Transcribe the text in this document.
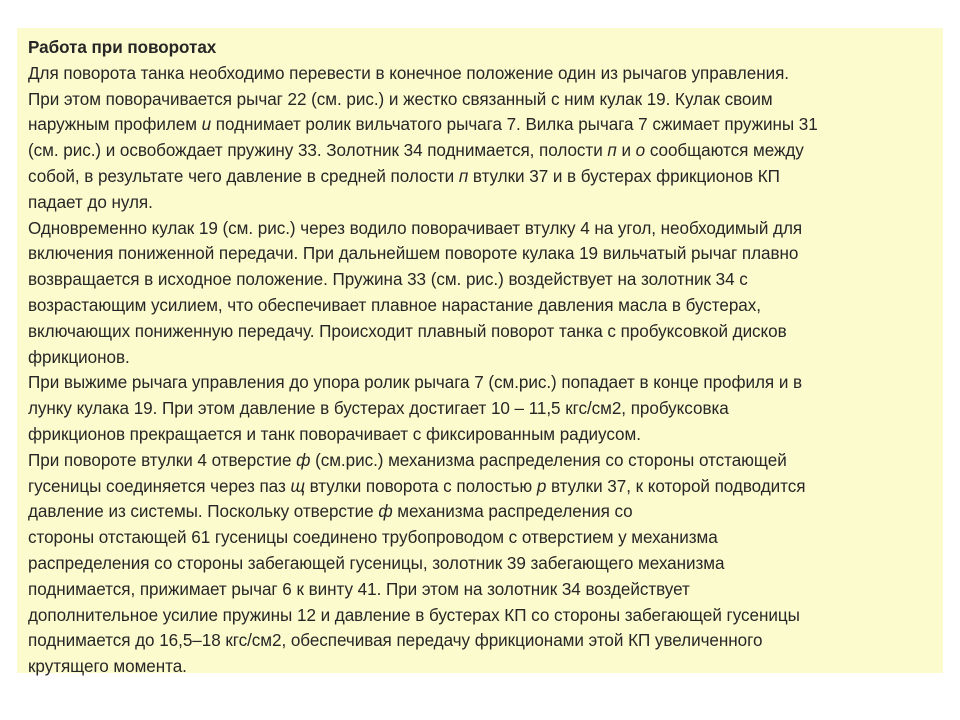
Работа при поворотах
Для поворота танка необходимо перевести в конечное положение один из рычагов управления.
При этом поворачивается рычаг 22 (см. рис.) и жестко связанный с ним кулак 19. Кулак своим
наружным профилем и поднимает ролик вильчатого рычага 7. Вилка рычага 7 сжимает пружины 31
(см. рис.) и освобождает пружину 33. Золотник 34 поднимается, полости п и о сообщаются между
собой, в результате чего давление в средней полости п втулки 37 и в бустерах фрикционов КП
падает до нуля.
Одновременно кулак 19 (см. рис.) через водило поворачивает втулку 4 на угол, необходимый для
включения пониженной передачи. При дальнейшем повороте кулака 19 вильчатый рычаг плавно
возвращается в исходное положение. Пружина 33 (см. рис.) воздействует на золотник 34 с
возрастающим усилием, что обеспечивает плавное нарастание давления масла в бустерах,
включающих пониженную передачу. Происходит плавный поворот танка с пробуксовкой дисков
фрикционов.
При выжиме рычага управления до упора ролик рычага 7 (см.рис.) попадает в конце профиля и в
лунку кулака 19. При этом давление в бустерах достигает 10 – 11,5 кгс/см2, пробуксовка
фрикционов прекращается и танк поворачивает с фиксированным радиусом.
При повороте втулки 4 отверстие ф (см.рис.) механизма распределения со стороны отстающей
гусеницы соединяется через паз щ втулки поворота с полостью р втулки 37, к которой подводится
давление из системы. Поскольку отверстие ф механизма распределения со
стороны отстающей 61 гусеницы соединено трубопроводом с отверстием у механизма
распределения со стороны забегающей гусеницы, золотник 39 забегающего механизма
поднимается, прижимает рычаг 6 к винту 41. При этом на золотник 34 воздействует
дополнительное усилие пружины 12 и давление в бустерах КП со стороны забегающей гусеницы
поднимается до 16,5–18 кгс/см2, обеспечивая передачу фрикционами этой КП увеличенного
крутящего момента.
